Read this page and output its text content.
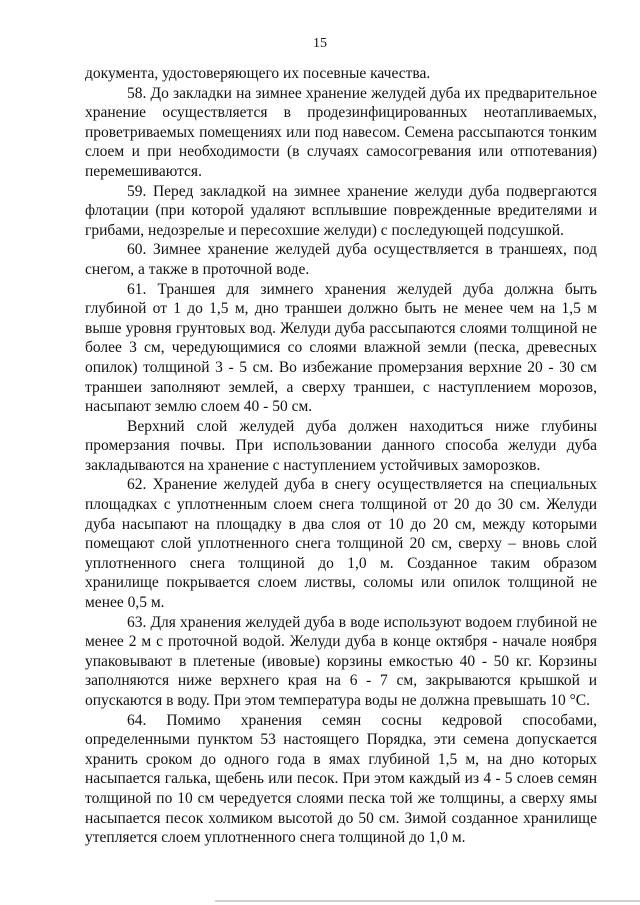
15

документа, удостоверяющего их посевные качества.

58. До закладки на зимнее хранение желудей дуба их предварительное хранение осуществляется в продезинфицированных неотапливаемых, проветриваемых помещениях или под навесом. Семена рассыпаются тонким слоем и при необходимости (в случаях самосогревания или отпотевания) перемешиваются.

59. Перед закладкой на зимнее хранение желуди дуба подвергаются флотации (при которой удаляют всплывшие поврежденные вредителями и грибами, недозрелые и пересохшие желуди) с последующей подсушкой.

60. Зимнее хранение желудей дуба осуществляется в траншеях, под снегом, а также в проточной воде.

61. Траншея для зимнего хранения желудей дуба должна быть глубиной от 1 до 1,5 м, дно траншеи должно быть не менее чем на 1,5 м выше уровня грунтовых вод. Желуди дуба рассыпаются слоями толщиной не более 3 см, чередующимися со слоями влажной земли (песка, древесных опилок) толщиной 3 - 5 см. Во избежание промерзания верхние 20 - 30 см траншеи заполняют землей, а сверху траншеи, с наступлением морозов, насыпают землю слоем 40 - 50 см.

Верхний слой желудей дуба должен находиться ниже глубины промерзания почвы. При использовании данного способа желуди дуба закладываются на хранение с наступлением устойчивых заморозков.

62. Хранение желудей дуба в снегу осуществляется на специальных площадках с уплотненным слоем снега толщиной от 20 до 30 см. Желуди дуба насыпают на площадку в два слоя от 10 до 20 см, между которыми помещают слой уплотненного снега толщиной 20 см, сверху – вновь слой уплотненного снега толщиной до 1,0 м. Созданное таким образом хранилище покрывается слоем листвы, соломы или опилок толщиной не менее 0,5 м.

63. Для хранения желудей дуба в воде используют водоем глубиной не менее 2 м с проточной водой. Желуди дуба в конце октября - начале ноября упаковывают в плетеные (ивовые) корзины емкостью 40 - 50 кг. Корзины заполняются ниже верхнего края на 6 - 7 см, закрываются крышкой и опускаются в воду. При этом температура воды не должна превышать 10 °С.

64. Помимо хранения семян сосны кедровой способами, определенными пунктом 53 настоящего Порядка, эти семена допускается хранить сроком до одного года в ямах глубиной 1,5 м, на дно которых насыпается галька, щебень или песок. При этом каждый из 4 - 5 слоев семян толщиной по 10 см чередуется слоями песка той же толщины, а сверху ямы насыпается песок холмиком высотой до 50 см. Зимой созданное хранилище утепляется слоем уплотненного снега толщиной до 1,0 м.
